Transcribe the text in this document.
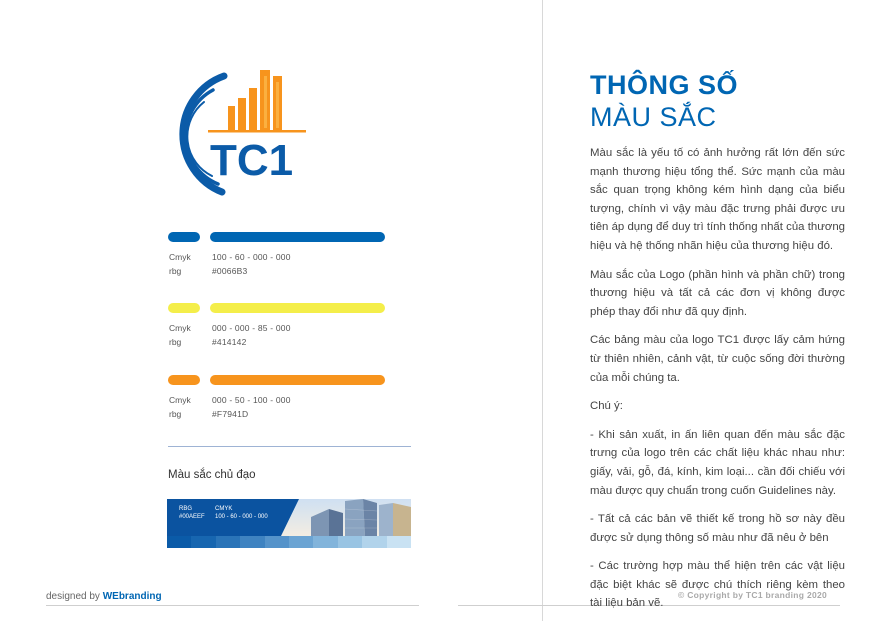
TC1
Cmyk	100 - 60 - 000 - 000
rbg	#0066B3
Cmyk	000 - 000 - 85 - 000
rbg	#414142
Cmyk	000 - 50 - 100 - 000
rbg	#F7941D
Màu sắc chủ đạo
RBG
#00AEEF
CMYK
100 - 60 - 000 - 000
designed by WEbranding	© Copyright by TC1 branding 2020
THÔNG SỐ
MÀU SẮC

Màu sắc là yếu tố có ảnh hưởng rất lớn đến sức mạnh thương hiệu tổng thể. Sức mạnh của màu sắc quan trọng không kém hình dạng của biểu tượng, chính vì vậy màu đặc trưng phải được ưu tiên áp dụng để duy trì tính thống nhất của thương hiệu và hệ thống nhãn hiệu của thương hiệu đó.

Màu sắc của Logo (phần hình và phần chữ) trong thương hiệu và tất cả các đơn vị không được phép thay đổi như đã quy định.

Các bảng màu của logo TC1 được lấy cảm hứng từ thiên nhiên, cảnh vật, từ cuộc sống đời thường của mỗi chúng ta.

Chú ý:

- Khi sản xuất, in ấn liên quan đến màu sắc đặc trưng của logo trên các chất liệu khác nhau như: giấy, vải, gỗ, đá, kính, kim loại... cần đối chiếu với màu được quy chuẩn trong cuốn Guidelines này.

- Tất cả các bản vẽ thiết kế trong hồ sơ này đều được sử dụng thông số màu như đã nêu ở bên

- Các trường hợp màu thể hiện trên các vật liệu đặc biệt khác sẽ được chú thích riêng kèm theo tài liệu bản vẽ.
